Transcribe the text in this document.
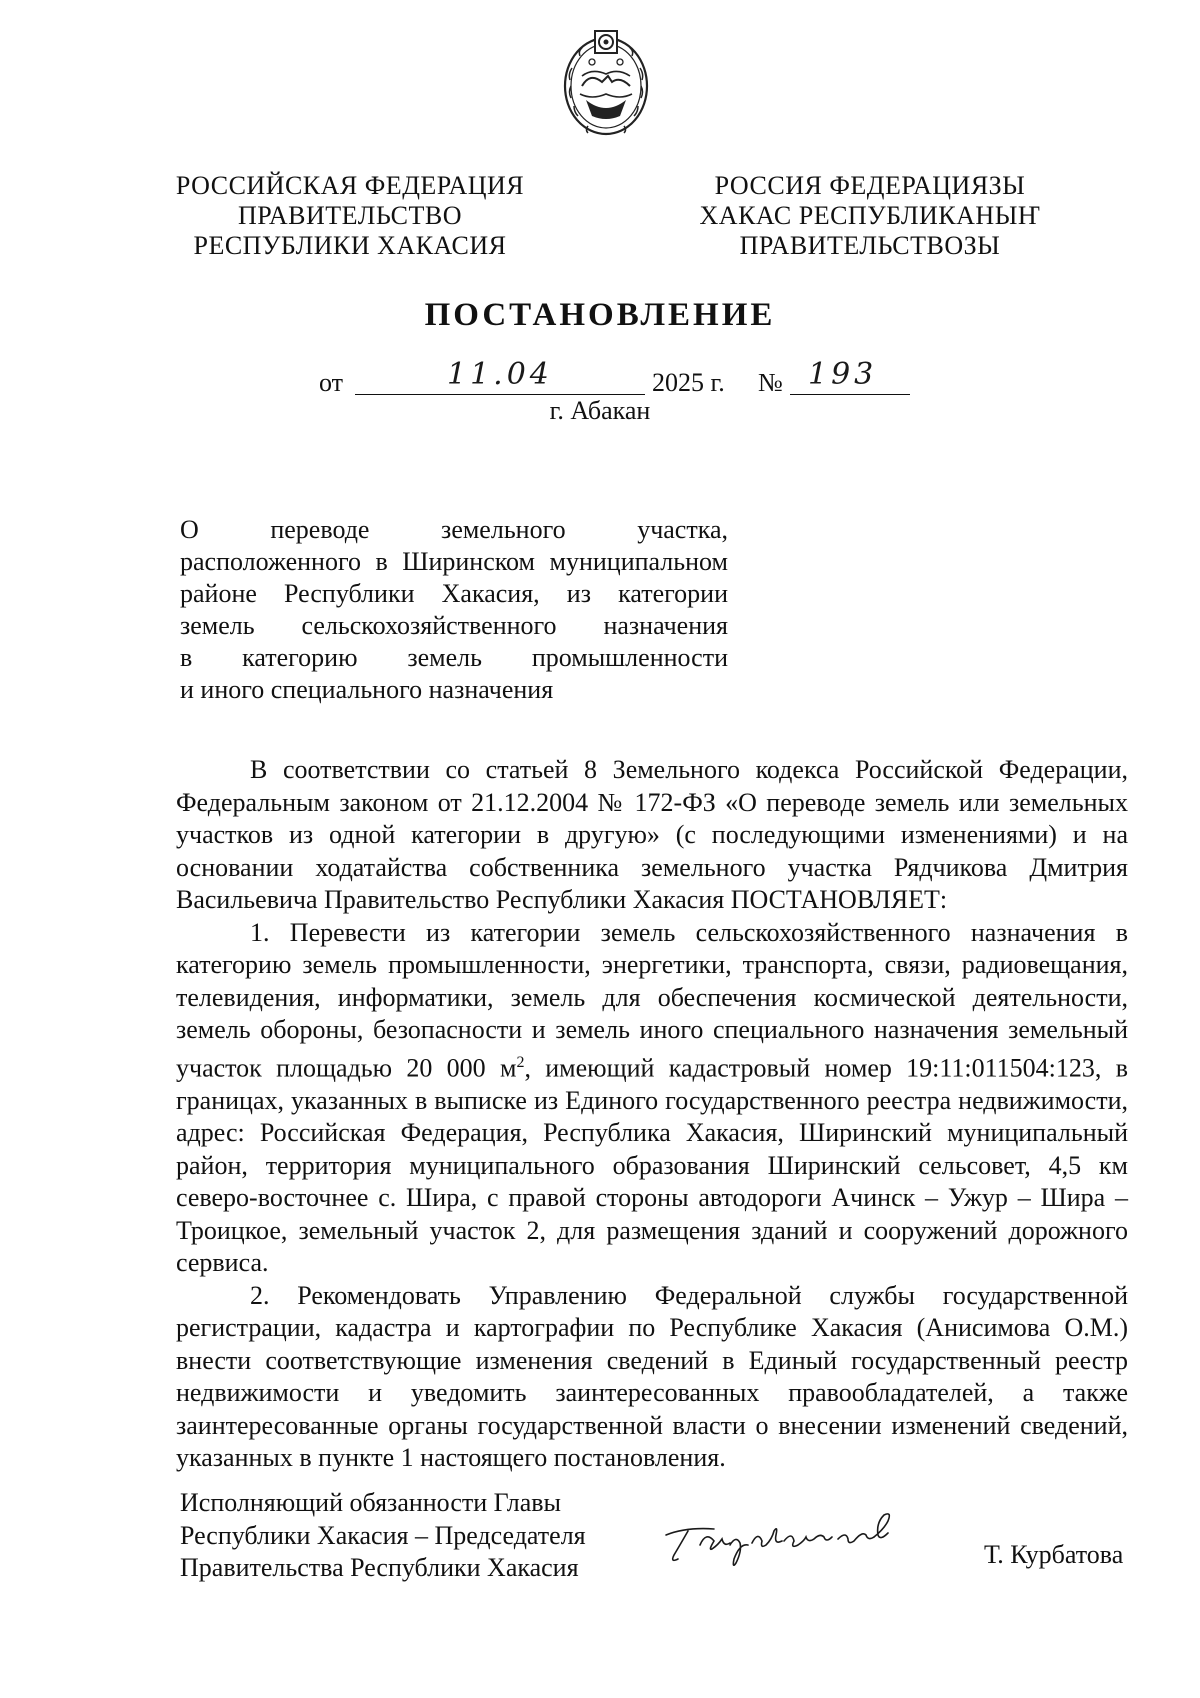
РОССИЙСКАЯ ФЕДЕРАЦИЯ
ПРАВИТЕЛЬСТВО
РЕСПУБЛИКИ ХАКАСИЯ
РОССИЯ ФЕДЕРАЦИЯЗЫ
ХАКАС РЕСПУБЛИКАНЫҤ
ПРАВИТЕЛЬСТВОЗЫ
ПОСТАНОВЛЕНИЕ
от	11.04	2025 г. № 193
г. Абакан
О переводе земельного участка,
расположенного в Ширинском муниципальном
районе Республики Хакасия, из категории
земель сельскохозяйственного назначения
в категорию земель промышленности
и иного специального назначения

В соответствии со статьей 8 Земельного кодекса Российской Федерации, Федеральным законом от 21.12.2004 № 172-ФЗ «О переводе земель или земельных участков из одной категории в другую» (с последующими изменениями) и на основании ходатайства собственника земельного участка Рядчикова Дмитрия Васильевича Правительство Республики Хакасия ПОСТАНОВЛЯЕТ:

1. Перевести из категории земель сельскохозяйственного назначения в категорию земель промышленности, энергетики, транспорта, связи, радиовещания, телевидения, информатики, земель для обеспечения космической деятельности, земель обороны, безопасности и земель иного специального назначения земельный участок площадью 20 000 $м^2$, имеющий кадастровый номер 19:11:011504:123, в границах, указанных в выписке из Единого государственного реестра недвижимости, адрес: Российская Федерация, Республика Хакасия, Ширинский муниципальный район, территория муниципального образования Ширинский сельсовет, 4,5 км северо-восточнее с. Шира, с правой стороны автодороги Ачинск – Ужур – Шира – Троицкое, земельный участок 2, для размещения зданий и сооружений дорожного сервиса.

2. Рекомендовать Управлению Федеральной службы государственной регистрации, кадастра и картографии по Республике Хакасия (Анисимова О.М.) внести соответствующие изменения сведений в Единый государственный реестр недвижимости и уведомить заинтересованных правообладателей, а также заинтересованные органы государственной власти о внесении изменений сведений, указанных в пункте 1 настоящего постановления.

Исполняющий обязанности Главы
Республики Хакасия – Председателя
Правительства Республики Хакасия	Т. Курбатова
